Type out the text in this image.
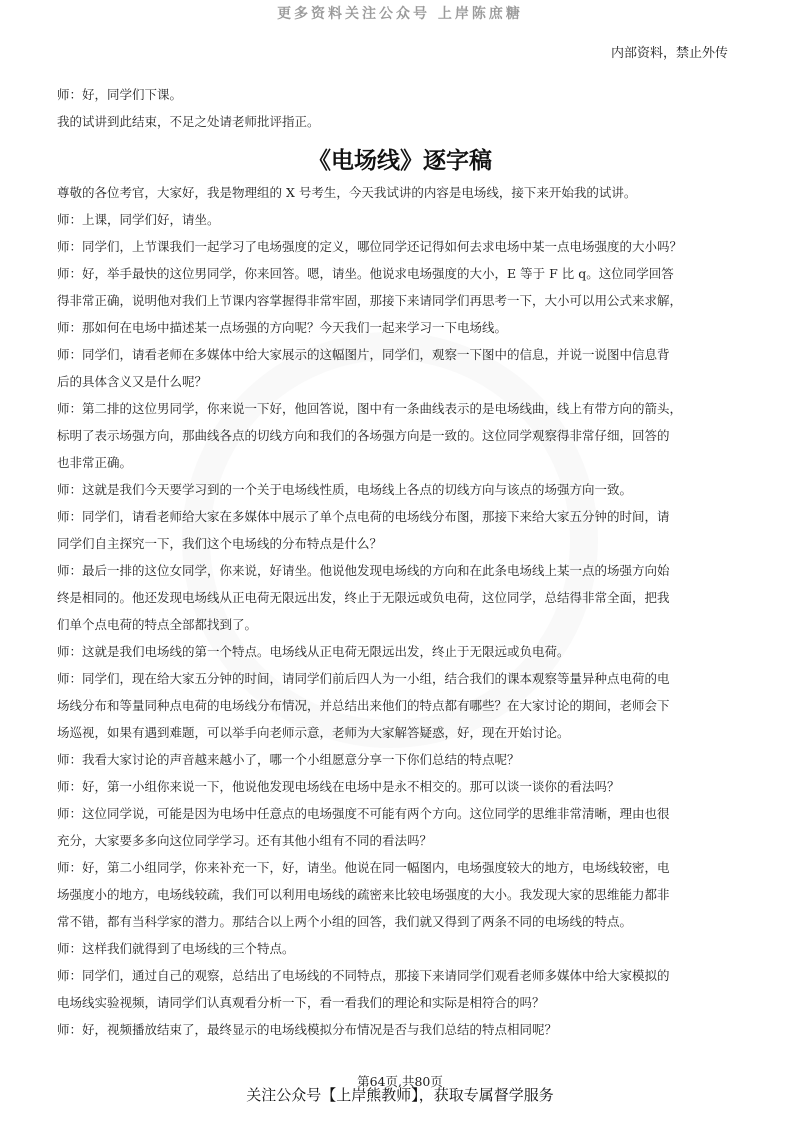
更多资料关注公众号 上岸陈庶糖
内部资料，禁止外传
师：好，同学们下课。
我的试讲到此结束，不足之处请老师批评指正。
《电场线》逐字稿
尊敬的各位考官，大家好，我是物理组的 X 号考生，今天我试讲的内容是电场线，接下来开始我的试讲。
师：上课，同学们好，请坐。
师：同学们，上节课我们一起学习了电场强度的定义，哪位同学还记得如何去求电场中某一点电场强度的大小吗？
师：好，举手最快的这位男同学，你来回答。嗯，请坐。他说求电场强度的大小，E 等于 F 比 q。这位同学回答
得非常正确，说明他对我们上节课内容掌握得非常牢固，那接下来请同学们再思考一下，大小可以用公式来求解，
师：那如何在电场中描述某一点场强的方向呢？今天我们一起来学习一下电场线。
师：同学们，请看老师在多媒体中给大家展示的这幅图片，同学们，观察一下图中的信息，并说一说图中信息背
后的具体含义又是什么呢？
师：第二排的这位男同学，你来说一下好，他回答说，图中有一条曲线表示的是电场线曲，线上有带方向的箭头，
标明了表示场强方向，那曲线各点的切线方向和我们的各场强方向是一致的。这位同学观察得非常仔细，回答的
也非常正确。
师：这就是我们今天要学习到的一个关于电场线性质，电场线上各点的切线方向与该点的场强方向一致。
师：同学们，请看老师给大家在多媒体中展示了单个点电荷的电场线分布图，那接下来给大家五分钟的时间，请
同学们自主探究一下，我们这个电场线的分布特点是什么？
师：最后一排的这位女同学，你来说，好请坐。他说他发现电场线的方向和在此条电场线上某一点的场强方向始
终是相同的。他还发现电场线从正电荷无限远出发，终止于无限远或负电荷，这位同学，总结得非常全面，把我
们单个点电荷的特点全部都找到了。
师：这就是我们电场线的第一个特点。电场线从正电荷无限远出发，终止于无限远或负电荷。
师：同学们，现在给大家五分钟的时间，请同学们前后四人为一小组，结合我们的课本观察等量异种点电荷的电
场线分布和等量同种点电荷的电场线分布情况，并总结出来他们的特点都有哪些？在大家讨论的期间，老师会下
场巡视，如果有遇到难题，可以举手向老师示意，老师为大家解答疑惑，好，现在开始讨论。
师：我看大家讨论的声音越来越小了，哪一个小组愿意分享一下你们总结的特点呢？
师：好，第一小组你来说一下，他说他发现电场线在电场中是永不相交的。那可以谈一谈你的看法吗？
师：这位同学说，可能是因为电场中任意点的电场强度不可能有两个方向。这位同学的思维非常清晰，理由也很
充分，大家要多多向这位同学学习。还有其他小组有不同的看法吗？
师：好，第二小组同学，你来补充一下，好，请坐。他说在同一幅图内，电场强度较大的地方，电场线较密，电
场强度小的地方，电场线较疏，我们可以利用电场线的疏密来比较电场强度的大小。我发现大家的思维能力都非
常不错，都有当科学家的潜力。那结合以上两个小组的回答，我们就又得到了两条不同的电场线的特点。
师：这样我们就得到了电场线的三个特点。
师：同学们，通过自己的观察，总结出了电场线的不同特点，那接下来请同学们观看老师多媒体中给大家模拟的
电场线实验视频，请同学们认真观看分析一下，看一看我们的理论和实际是相符合的吗？
师：好，视频播放结束了，最终显示的电场线模拟分布情况是否与我们总结的特点相同呢？
第64页,共80页
关注公众号【上岸熊教师】，获取专属督学服务
